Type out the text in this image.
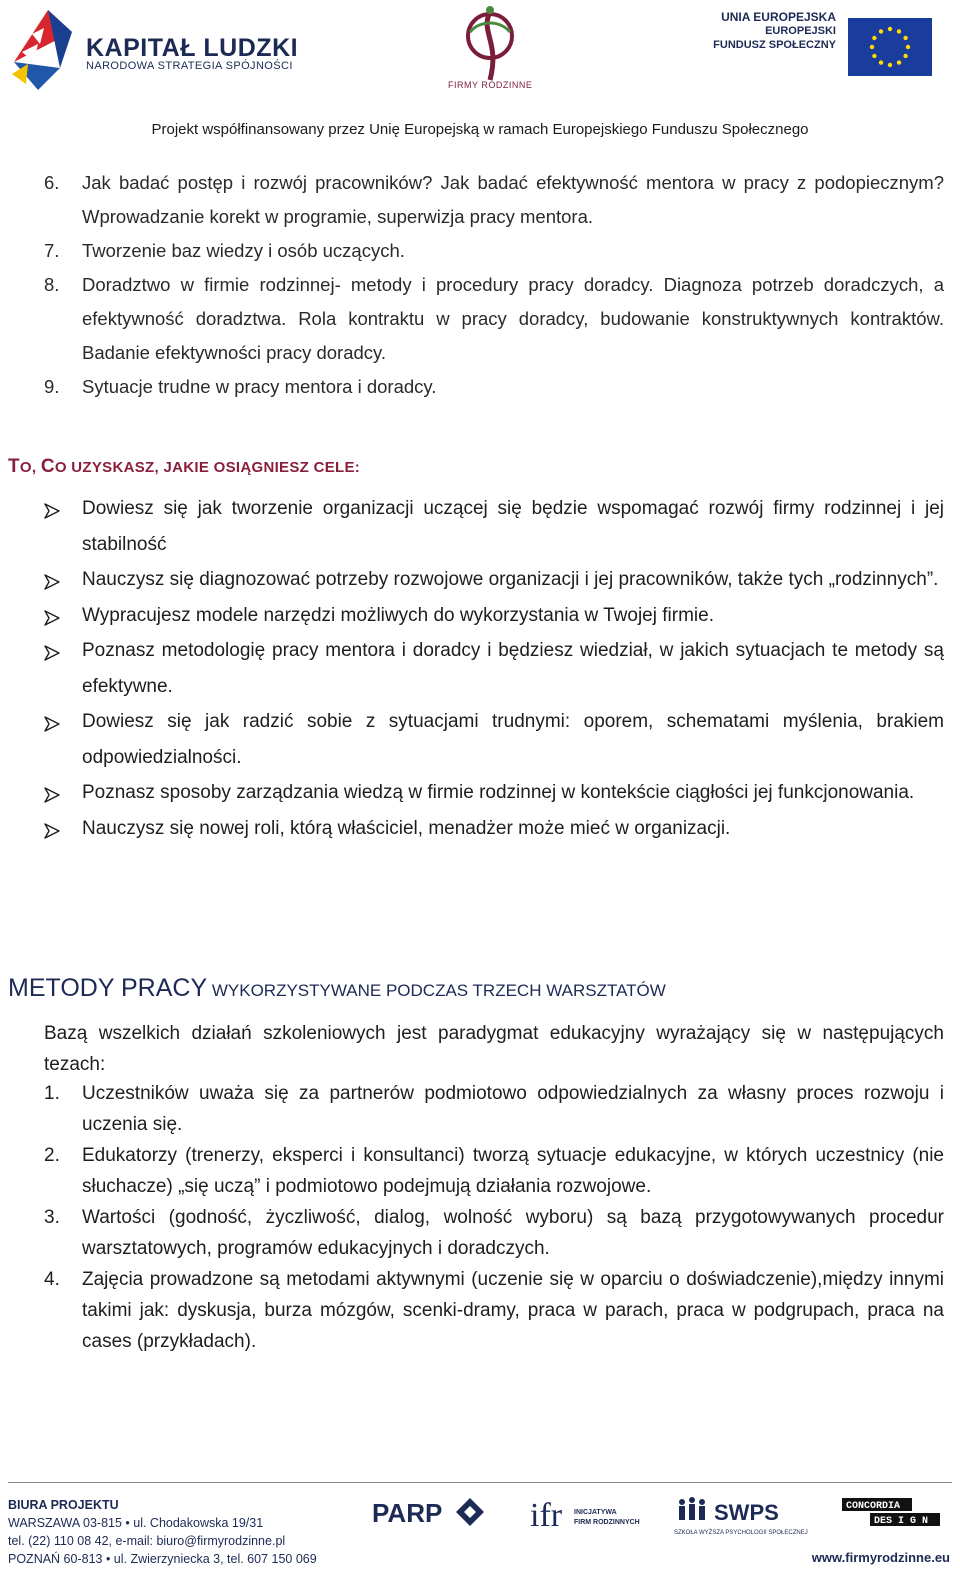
KAPITAŁ LUDZKI
NARODOWA STRATEGIA SPÓJNOŚCI
FIRMY RODZINNE
UNIA EUROPEJSKA
EUROPEJSKI
FUNDUSZ SPOŁECZNY
Projekt współfinansowany przez Unię Europejską w ramach Europejskiego Funduszu Społecznego
6. Jak badać postęp i rozwój pracowników? Jak badać efektywność mentora w pracy z podopiecznym? Wprowadzanie korekt w programie, superwizja pracy mentora.
7. Tworzenie baz wiedzy i osób uczących.
8. Doradztwo w firmie rodzinnej- metody i procedury pracy doradcy. Diagnoza potrzeb doradczych, a efektywność doradztwa. Rola kontraktu w pracy doradcy, budowanie konstruktywnych kontraktów. Badanie efektywności pracy doradcy.
9. Sytuacje trudne w pracy mentora i doradcy.
TO, CO UZYSKASZ, JAKIE OSIĄGNIESZ CELE:
Dowiesz się jak tworzenie organizacji uczącej się będzie wspomagać rozwój firmy rodzinnej i jej stabilność
Nauczysz się diagnozować potrzeby rozwojowe organizacji i jej pracowników, także tych „rodzinnych”.
Wypracujesz modele narzędzi możliwych do wykorzystania w Twojej firmie.
Poznasz metodologię pracy mentora i doradcy i będziesz wiedział, w jakich sytuacjach te metody są efektywne.
Dowiesz się jak radzić sobie z sytuacjami trudnymi: oporem, schematami myślenia, brakiem odpowiedzialności.
Poznasz sposoby zarządzania wiedzą w firmie rodzinnej w kontekście ciągłości jej funkcjonowania.
Nauczysz się nowej roli, którą właściciel, menadżer może mieć w organizacji.
METODY PRACY WYKORZYSTYWANE PODCZAS TRZECH WARSZTATÓW
Bazą wszelkich działań szkoleniowych jest paradygmat edukacyjny wyrażający się w następujących tezach:
1. Uczestników uważa się za partnerów podmiotowo odpowiedzialnych za własny proces rozwoju i uczenia się.
2. Edukatorzy (trenerzy, eksperci i konsultanci) tworzą sytuacje edukacyjne, w których uczestnicy (nie słuchacze) „się uczą” i podmiotowo podejmują działania rozwojowe.
3. Wartości (godność, życzliwość, dialog, wolność wyboru) są bazą przygotowywanych procedur warsztatowych, programów edukacyjnych i doradczych.
4. Zajęcia prowadzone są metodami aktywnymi (uczenie się w oparciu o doświadczenie),między innymi takimi jak: dyskusja, burza mózgów, scenki-dramy, praca w parach, praca w podgrupach, praca na cases (przykładach).
BIURA PROJEKTU
WARSZAWA 03-815 • ul. Chodakowska 19/31
tel. (22) 110 08 42, e-mail: biuro@firmyrodzinne.pl
POZNAŃ 60-813 • ul. Zwierzyniecka 3, tel. 607 150 069
PARP	ifr INICJATYWA
FIRM RODZINNYCH	SWPS
SZKOŁA WYŻSZA PSYCHOLOGII SPOŁECZNEJ
CONCORDIA
DES I G N
www.firmyrodzinne.eu
